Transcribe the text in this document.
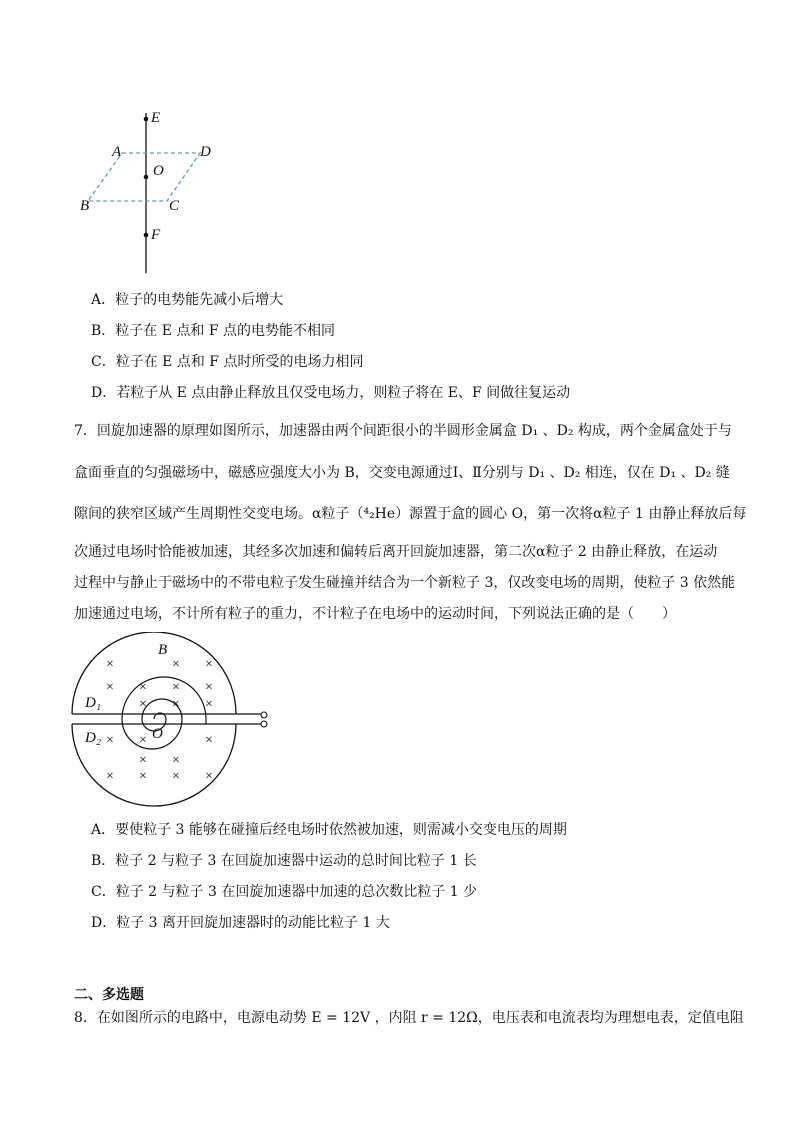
E
A	D
O
B	C
F
A．粒子的电势能先减小后增大
B．粒子在 E 点和 F 点的电势能不相同
C．粒子在 E 点和 F 点时所受的电场力相同
D．若粒子从 E 点由静止释放且仅受电场力，则粒子将在 E、F 间做往复运动
7．回旋加速器的原理如图所示，加速器由两个间距很小的半圆形金属盒 D₁ 、D₂ 构成，两个金属盒处于与
盒面垂直的匀强磁场中，磁感应强度大小为 B，交变电源通过Ⅰ、Ⅱ分别与 D₁ 、D₂ 相连，仅在 D₁ 、D₂ 缝
隙间的狭窄区域产生周期性交变电场。α粒子（⁴₂He）源置于盒的圆心 O，第一次将α粒子 1 由静止释放后每
次通过电场时恰能被加速，其经多次加速和偏转后离开回旋加速器，第二次α粒子 2 由静止释放，在运动
过程中与静止于磁场中的不带电粒子发生碰撞并结合为一个新粒子 3，仅改变电场的周期，使粒子 3 依然能
加速通过电场，不计所有粒子的重力，不计粒子在电场中的运动时间，下列说法正确的是（　　）
×	× ×
× × × ×
× × ×
× ×	×
× ×
× × × ×
B
D₁
D₂	O
A．要使粒子 3 能够在碰撞后经电场时依然被加速，则需减小交变电压的周期
B．粒子 2 与粒子 3 在回旋加速器中运动的总时间比粒子 1 长
C．粒子 2 与粒子 3 在回旋加速器中加速的总次数比粒子 1 少
D．粒子 3 离开回旋加速器时的动能比粒子 1 大
二、多选题
8．在如图所示的电路中，电源电动势 E = 12V ，内阻 r = 12Ω，电压表和电流表均为理想电表，定值电阻
